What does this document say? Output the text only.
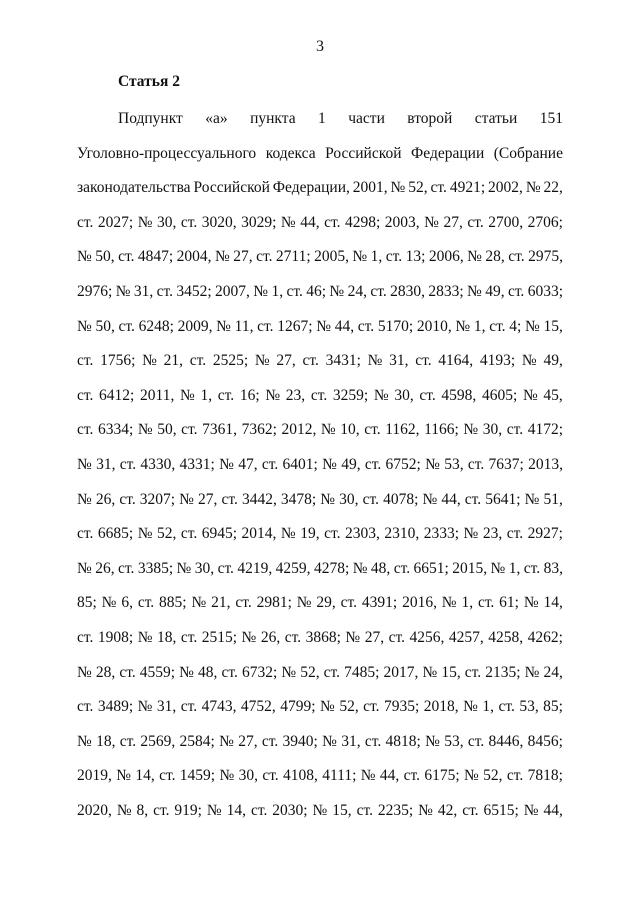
3
Статья 2
Подпункт «а» пункта 1 части второй статьи 151
Уголовно-процессуального кодекса Российской Федерации (Собрание
законодательства Российской Федерации, 2001, № 52, ст. 4921; 2002, № 22,
ст. 2027; № 30, ст. 3020, 3029; № 44, ст. 4298; 2003, № 27, ст. 2700, 2706;
№ 50, ст. 4847; 2004, № 27, ст. 2711; 2005, № 1, ст. 13; 2006, № 28, ст. 2975,
2976; № 31, ст. 3452; 2007, № 1, ст. 46; № 24, ст. 2830, 2833; № 49, ст. 6033;
№ 50, ст. 6248; 2009, № 11, ст. 1267; № 44, ст. 5170; 2010, № 1, ст. 4; № 15,
ст. 1756; № 21, ст. 2525; № 27, ст. 3431; № 31, ст. 4164, 4193; № 49,
ст. 6412; 2011, № 1, ст. 16; № 23, ст. 3259; № 30, ст. 4598, 4605; № 45,
ст. 6334; № 50, ст. 7361, 7362; 2012, № 10, ст. 1162, 1166; № 30, ст. 4172;
№ 31, ст. 4330, 4331; № 47, ст. 6401; № 49, ст. 6752; № 53, ст. 7637; 2013,
№ 26, ст. 3207; № 27, ст. 3442, 3478; № 30, ст. 4078; № 44, ст. 5641; № 51,
ст. 6685; № 52, ст. 6945; 2014, № 19, ст. 2303, 2310, 2333; № 23, ст. 2927;
№ 26, ст. 3385; № 30, ст. 4219, 4259, 4278; № 48, ст. 6651; 2015, № 1, ст. 83,
85; № 6, ст. 885; № 21, ст. 2981; № 29, ст. 4391; 2016, № 1, ст. 61; № 14,
ст. 1908; № 18, ст. 2515; № 26, ст. 3868; № 27, ст. 4256, 4257, 4258, 4262;
№ 28, ст. 4559; № 48, ст. 6732; № 52, ст. 7485; 2017, № 15, ст. 2135; № 24,
ст. 3489; № 31, ст. 4743, 4752, 4799; № 52, ст. 7935; 2018, № 1, ст. 53, 85;
№ 18, ст. 2569, 2584; № 27, ст. 3940; № 31, ст. 4818; № 53, ст. 8446, 8456;
2019, № 14, ст. 1459; № 30, ст. 4108, 4111; № 44, ст. 6175; № 52, ст. 7818;
2020, № 8, ст. 919; № 14, ст. 2030; № 15, ст. 2235; № 42, ст. 6515; № 44,
